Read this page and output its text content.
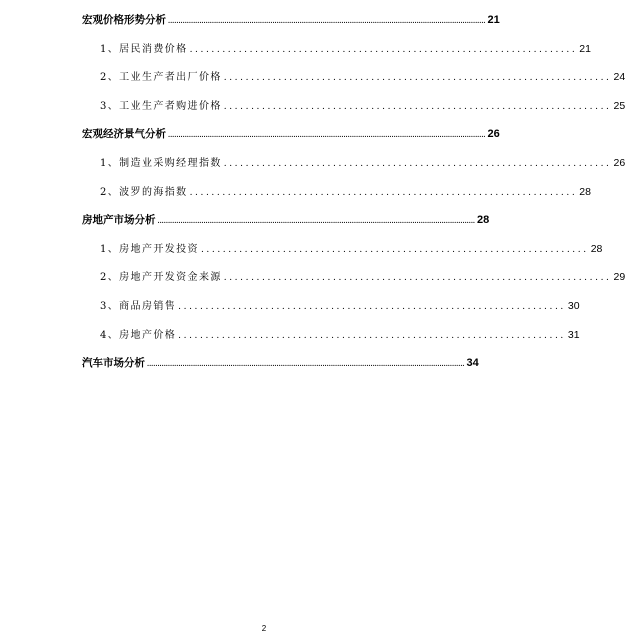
宏观价格形势分析 ........................................................................................................................................................ 21
1、居民消费价格 ....................................................................... 21
2、工业生产者出厂价格 ....................................................................... 24
3、工业生产者购进价格 ....................................................................... 25
宏观经济景气分析 ........................................................................................................................................................ 26
1、制造业采购经理指数 ....................................................................... 26
2、波罗的海指数 ....................................................................... 28
房地产市场分析 ........................................................................................................................................................ 28
1、房地产开发投资 ....................................................................... 28
2、房地产开发资金来源 ....................................................................... 29
3、商品房销售 ....................................................................... 30
4、房地产价格 ....................................................................... 31
汽车市场分析 ........................................................................................................................................................ 34
2
